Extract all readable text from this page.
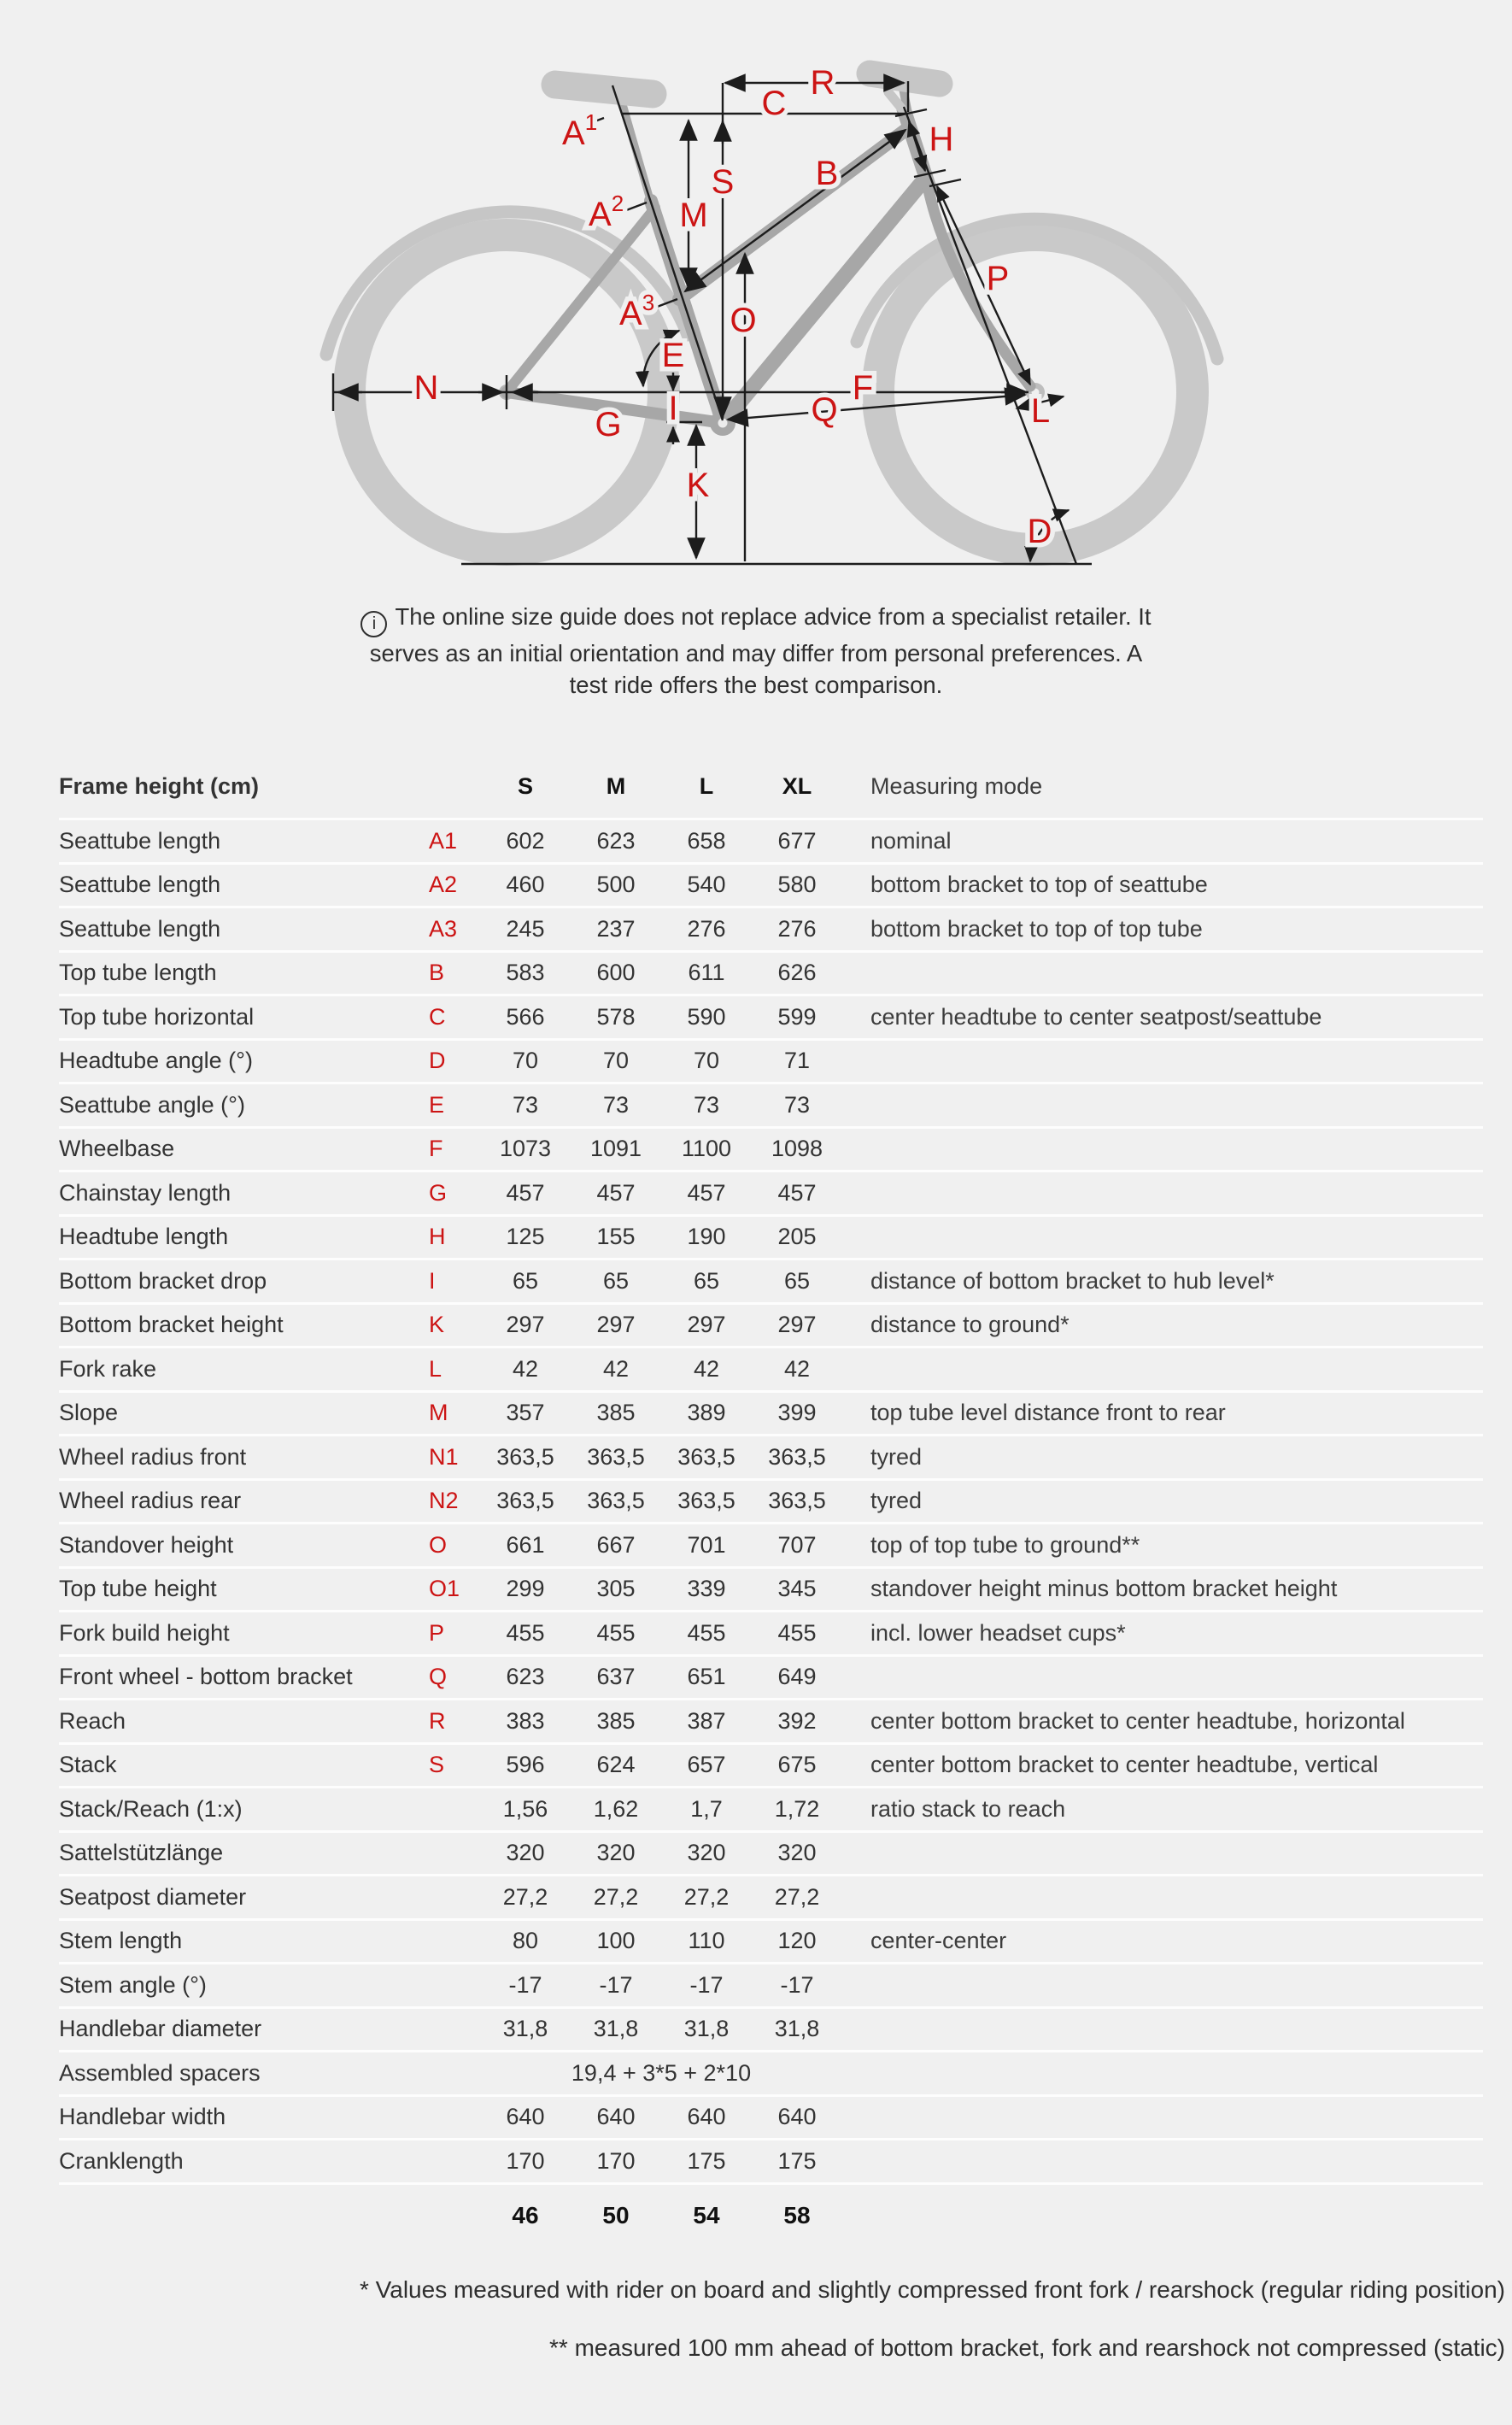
$A^1$
$A^2$
$A^3$
R
C
H
S B
M
P
O
E
N	F
G I	Q	L
K
D
i The online size guide does not replace advice from a specialist retailer. It
serves as an initial orientation and may differ from personal preferences. A
test ride offers the best comparison.
Frame height (cm)	S	M	L	XL	Measuring mode
Seattube length	A1	602	623	658	677	nominal
Seattube length	A2	460	500	540	580	bottom bracket to top of seattube
Seattube length	A3	245	237	276	276	bottom bracket to top of top tube
Top tube length	B	583	600	611	626
Top tube horizontal	C	566	578	590	599	center headtube to center seatpost/seattube
Headtube angle (°)	D	70	70	70	71
Seattube angle (°)	E	73	73	73	73
Wheelbase	F	1073	1091	1100	1098
Chainstay length	G	457	457	457	457
Headtube length	H	125	155	190	205
Bottom bracket drop	I	65	65	65	65	distance of bottom bracket to hub level*
Bottom bracket height	K	297	297	297	297	distance to ground*
Fork rake	L	42	42	42	42
Slope	M	357	385	389	399	top tube level distance front to rear
Wheel radius front	N1	363,5	363,5	363,5	363,5	tyred
Wheel radius rear	N2	363,5	363,5	363,5	363,5	tyred
Standover height	O	661	667	701	707	top of top tube to ground**
Top tube height	O1	299	305	339	345	standover height minus bottom bracket height
Fork build height	P	455	455	455	455	incl. lower headset cups*
Front wheel - bottom bracket	Q	623	637	651	649
Reach	R	383	385	387	392	center bottom bracket to center headtube, horizontal
Stack	S	596	624	657	675	center bottom bracket to center headtube, vertical
Stack/Reach (1:x)	1,56	1,62	1,7	1,72	ratio stack to reach
Sattelstützlänge	320	320	320	320
Seatpost diameter	27,2	27,2	27,2	27,2
Stem length	80	100	110	120	center-center
Stem angle (°)	-17	-17	-17	-17
Handlebar diameter	31,8	31,8	31,8	31,8
Assembled spacers	19,4 + 3*5 + 2*10
Handlebar width	640	640	640	640
Cranklength	170	170	175	175
46	50	54	58
* Values measured with rider on board and slightly compressed front fork / rearshock (regular riding position)
** measured 100 mm ahead of bottom bracket, fork and rearshock not compressed (static)
